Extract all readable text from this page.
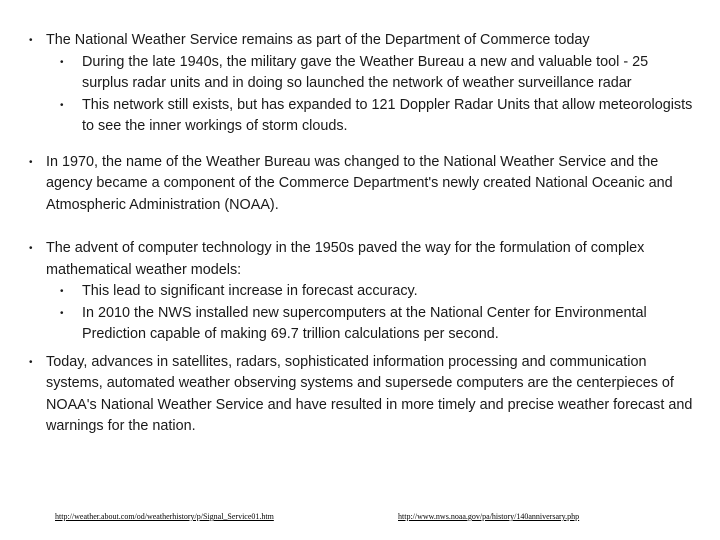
• The National Weather Service remains as part of the Department of Commerce today
• During the late 1940s, the military gave the Weather Bureau a new and valuable tool - 25 surplus radar units and in doing so launched the network of weather surveillance radar
• This network still exists, but has expanded to 121 Doppler Radar Units that allow meteorologists to see the inner workings of storm clouds.
• In 1970, the name of the Weather Bureau was changed to the National Weather Service and the agency became a component of the Commerce Department's newly created National Oceanic and Atmospheric Administration (NOAA).
• The advent of computer technology in the 1950s paved the way for the formulation of complex mathematical weather models:
• This lead to significant increase in forecast accuracy.
• In 2010 the NWS installed new supercomputers at the National Center for Environmental Prediction capable of making 69.7 trillion calculations per second.
• Today, advances in satellites, radars, sophisticated information processing and communication systems, automated weather observing systems and supersede computers are the centerpieces of NOAA's National Weather Service and have resulted in more timely and precise weather forecast and warnings for the nation.
http://weather.about.com/od/weatherhistory/p/Signal_Service01.htm	http://www.nws.noaa.gov/pa/history/140anniversary.php
